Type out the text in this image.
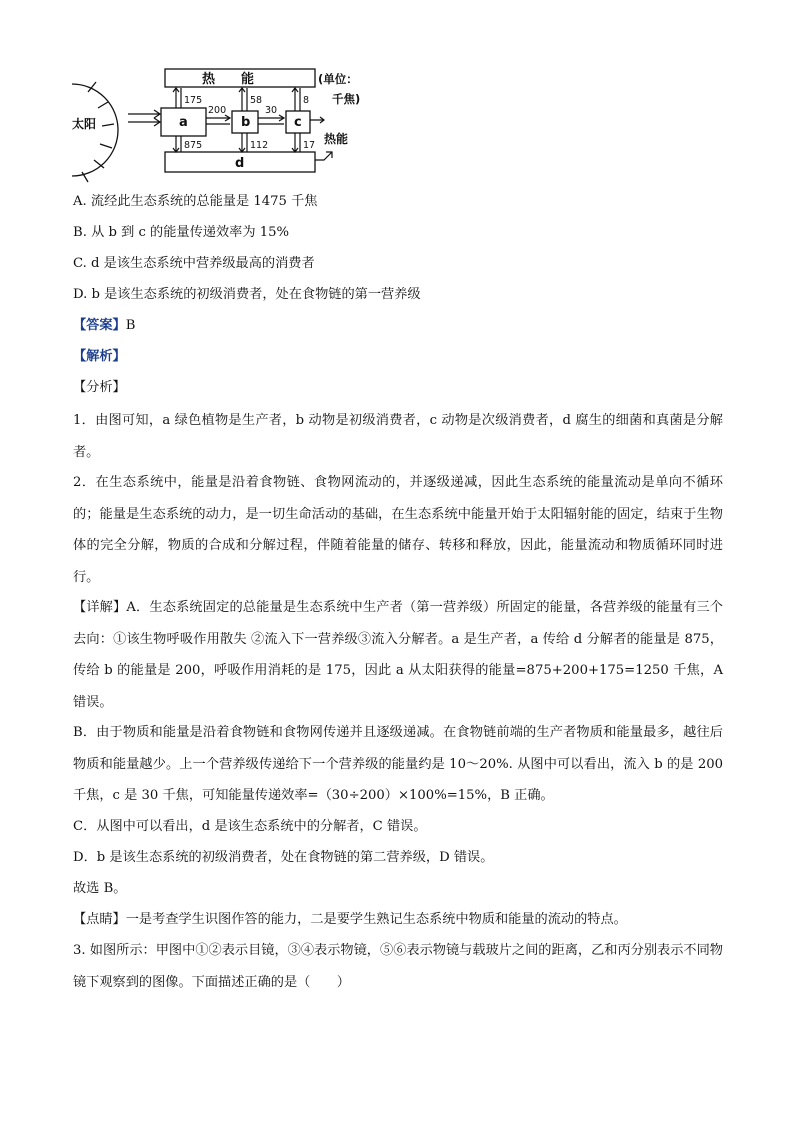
太阳
热　　能	(单位：
千焦)
d
a	b	c
200	30
热能
175	58	8
875	112	17
A. 流经此生态系统的总能量是 1475 千焦
B. 从 b 到 c 的能量传递效率为 15%
C. d 是该生态系统中营养级最高的消费者
D. b 是该生态系统的初级消费者，处在食物链的第一营养级
【答案】B
【解析】
【分析】
1．由图可知，a 绿色植物是生产者，b 动物是初级消费者，c 动物是次级消费者，d 腐生的细菌和真菌是分解者。
2．在生态系统中，能量是沿着食物链、食物网流动的，并逐级递减，因此生态系统的能量流动是单向不循环的；能量是生态系统的动力，是一切生命活动的基础，在生态系统中能量开始于太阳辐射能的固定，结束于生物体的完全分解，物质的合成和分解过程，伴随着能量的储存、转移和释放，因此，能量流动和物质循环同时进行。
【详解】A．生态系统固定的总能量是生态系统中生产者（第一营养级）所固定的能量，各营养级的能量有三个去向：①该生物呼吸作用散失 ②流入下一营养级③流入分解者。a 是生产者，a 传给 d 分解者的能量是 875，传给 b 的能量是 200，呼吸作用消耗的是 175，因此 a 从太阳获得的能量=875+200+175=1250 千焦，A 错误。
B．由于物质和能量是沿着食物链和食物网传递并且逐级递减。在食物链前端的生产者物质和能量最多，越往后物质和能量越少。上一个营养级传递给下一个营养级的能量约是 10～20%. 从图中可以看出，流入 b 的是 200 千焦，c 是 30 千焦，可知能量传递效率=（30÷200）×100%=15%，B 正确。
C．从图中可以看出，d 是该生态系统中的分解者，C 错误。
D．b 是该生态系统的初级消费者，处在食物链的第二营养级，D 错误。
故选 B。
【点睛】一是考查学生识图作答的能力，二是要学生熟记生态系统中物质和能量的流动的特点。
3. 如图所示：甲图中①②表示目镜，③④表示物镜，⑤⑥表示物镜与载玻片之间的距离，乙和丙分别表示不同物镜下观察到的图像。下面描述正确的是（　　）
